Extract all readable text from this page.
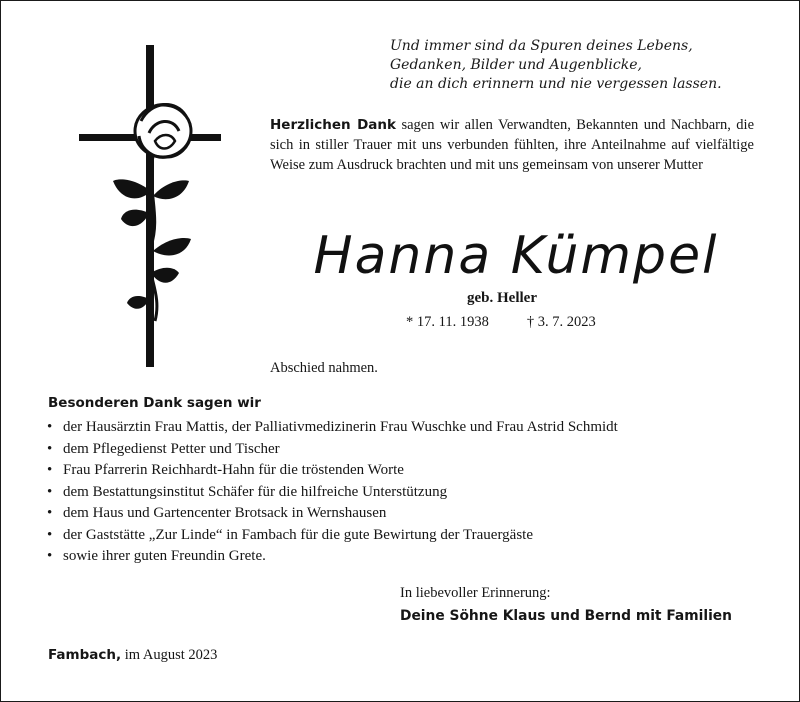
Und immer sind da Spuren deines Lebens,
Gedanken, Bilder und Augenblicke,
die an dich erinnern und nie vergessen lassen.
Herzlichen Dank sagen wir allen Verwandten, Bekannten und Nachbarn, die sich in stiller Trauer mit uns verbunden fühlten, ihre Anteilnahme auf vielfältige Weise zum Ausdruck brachten und mit uns gemeinsam von unserer Mutter
Hanna Kümpel
geb. Heller
* 17. 11. 1938	† 3. 7. 2023
Abschied nahmen.
Besonderen Dank sagen wir
• der Hausärztin Frau Mattis, der Palliativmedizinerin Frau Wuschke und Frau Astrid Schmidt
• dem Pflegedienst Petter und Tischer
• Frau Pfarrerin Reichhardt-Hahn für die tröstenden Worte
• dem Bestattungsinstitut Schäfer für die hilfreiche Unterstützung
• dem Haus und Gartencenter Brotsack in Wernshausen
• der Gaststätte „Zur Linde“ in Fambach für die gute Bewirtung der Trauergäste
• sowie ihrer guten Freundin Grete.
In liebevoller Erinnerung:
Deine Söhne Klaus und Bernd mit Familien
Fambach, im August 2023
